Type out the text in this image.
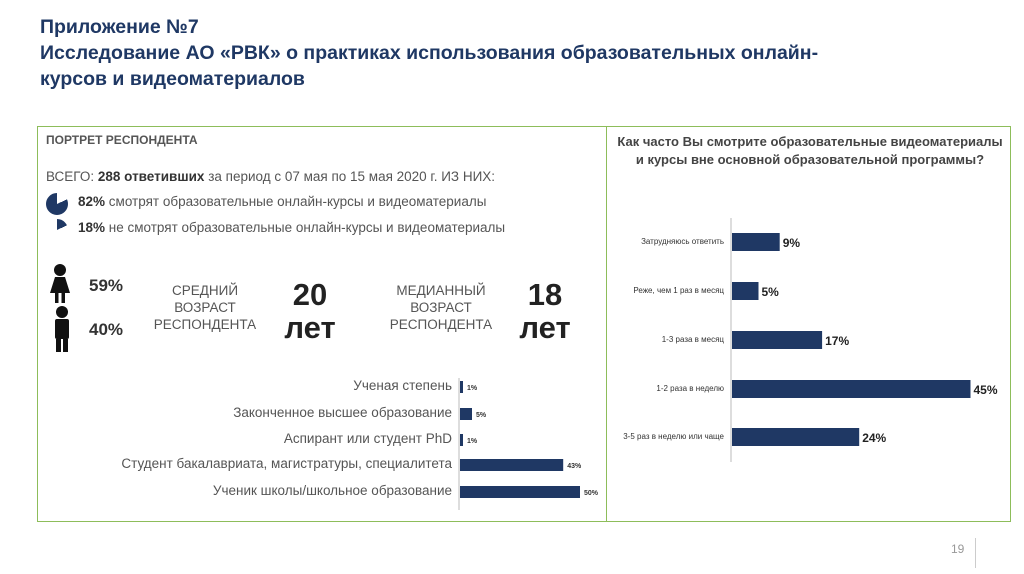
Приложение №7
Исследование АО «РВК» о практиках использования образовательных онлайн-
курсов и видеоматериалов
ПОРТРЕТ РЕСПОНДЕНТА
ВСЕГО: 288 ответивших за период с 07 мая по 15 мая 2020 г. ИЗ НИХ:
82% смотрят образовательные онлайн-курсы и видеоматериалы
18% не смотрят образовательные онлайн-курсы и видеоматериалы
59%
40%
СРЕДНИЙ ВОЗРАСТ РЕСПОНДЕНТА
20 лет
МЕДИАННЫЙ ВОЗРАСТ РЕСПОНДЕНТА
18 лет
Как часто Вы смотрите образовательные видеоматериалы и курсы вне основной образовательной программы?
1%
5%
1%
43%
50%
9%
5%
17%
45%
24%
19
Ученая степень
Законченное высшее образование
Аспирант или студент PhD
Студент бакалавриата, магистратуры, специалитета
Ученик школы/школьное образование
Затрудняюсь ответить
Реже, чем 1 раз в месяц
1-3 раза в месяц
1-2 раза в неделю
3-5 раз в неделю или чаще
